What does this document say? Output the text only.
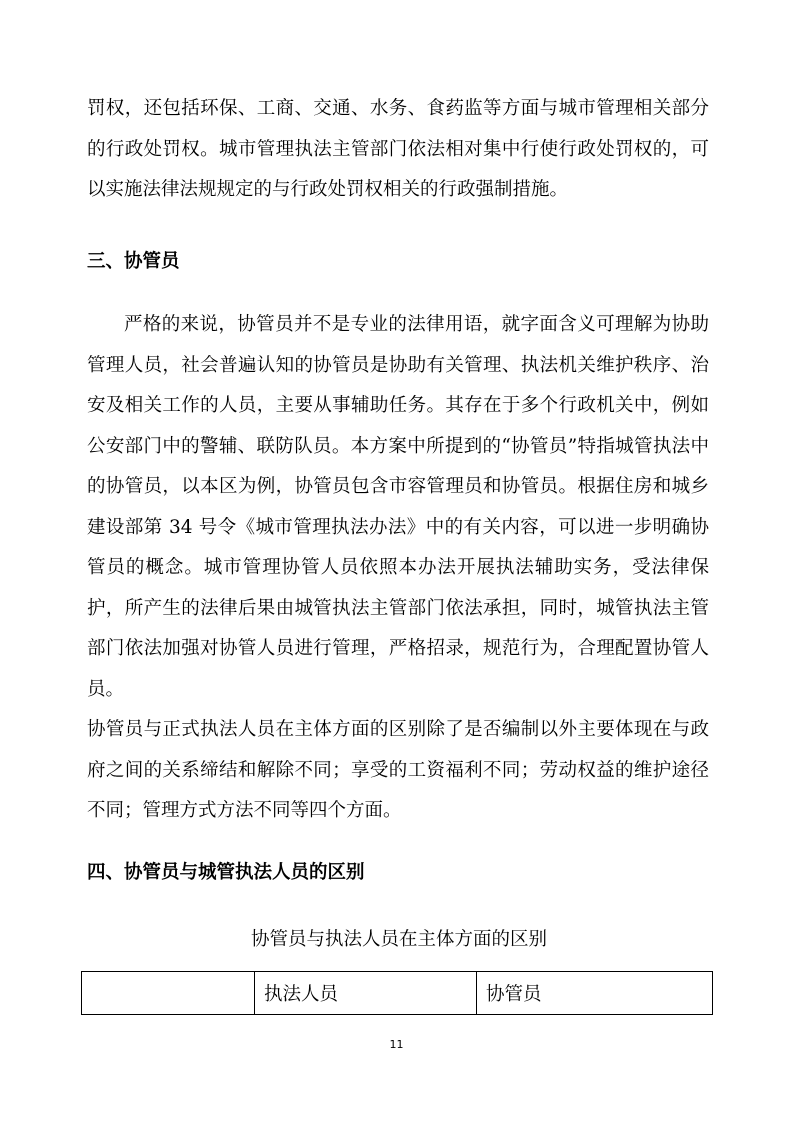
罚权，还包括环保、工商、交通、水务、食药监等方面与城市管理相关部分的行政处罚权。城市管理执法主管部门依法相对集中行使行政处罚权的，可以实施法律法规规定的与行政处罚权相关的行政强制措施。

三、协管员

严格的来说，协管员并不是专业的法律用语，就字面含义可理解为协助管理人员，社会普遍认知的协管员是协助有关管理、执法机关维护秩序、治安及相关工作的人员，主要从事辅助任务。其存在于多个行政机关中，例如公安部门中的警辅、联防队员。本方案中所提到的“协管员”特指城管执法中的协管员，以本区为例，协管员包含市容管理员和协管员。根据住房和城乡建设部第 34 号令《城市管理执法办法》中的有关内容，可以进一步明确协管员的概念。城市管理协管人员依照本办法开展执法辅助实务，受法律保护，所产生的法律后果由城管执法主管部门依法承担，同时，城管执法主管部门依法加强对协管人员进行管理，严格招录，规范行为，合理配置协管人员。

协管员与正式执法人员在主体方面的区别除了是否编制以外主要体现在与政府之间的关系缔结和解除不同；享受的工资福利不同；劳动权益的维护途径不同；管理方式方法不同等四个方面。

四、协管员与城管执法人员的区别

协管员与执法人员在主体方面的区别

	执法人员	协管员
11
